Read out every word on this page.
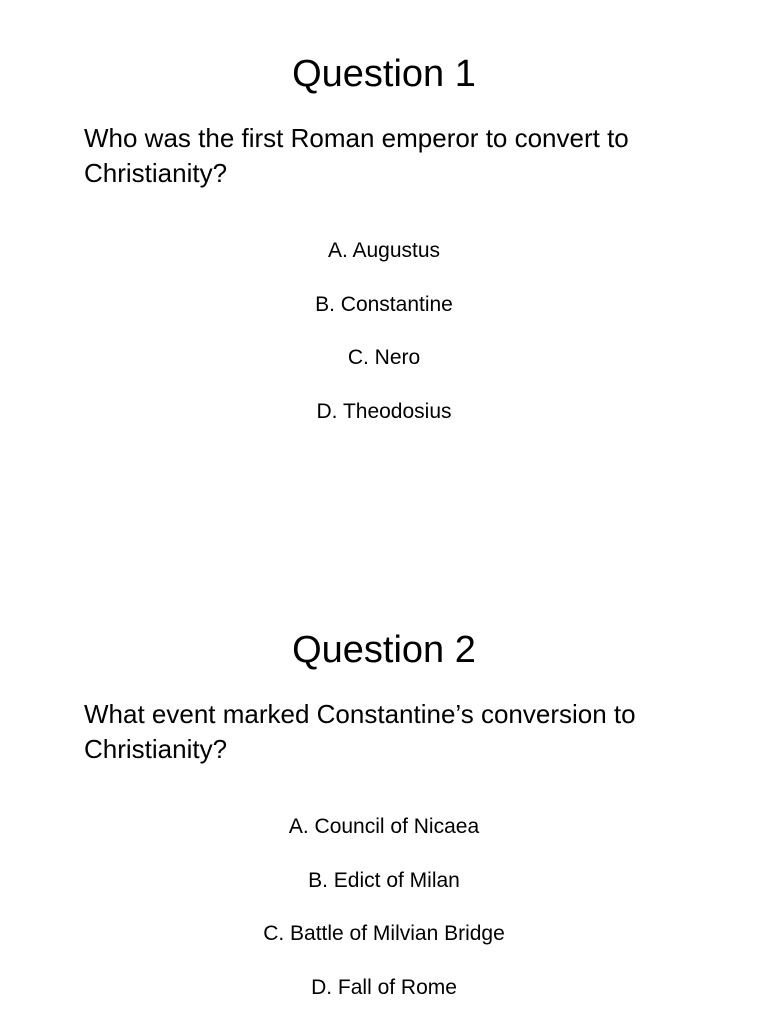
Question 1

Who was the first Roman emperor to convert to Christianity?

A. Augustus
B. Constantine
C. Nero
D. Theodosius
Question 2

What event marked Constantine’s conversion to Christianity?

A. Council of Nicaea
B. Edict of Milan
C. Battle of Milvian Bridge
D. Fall of Rome
